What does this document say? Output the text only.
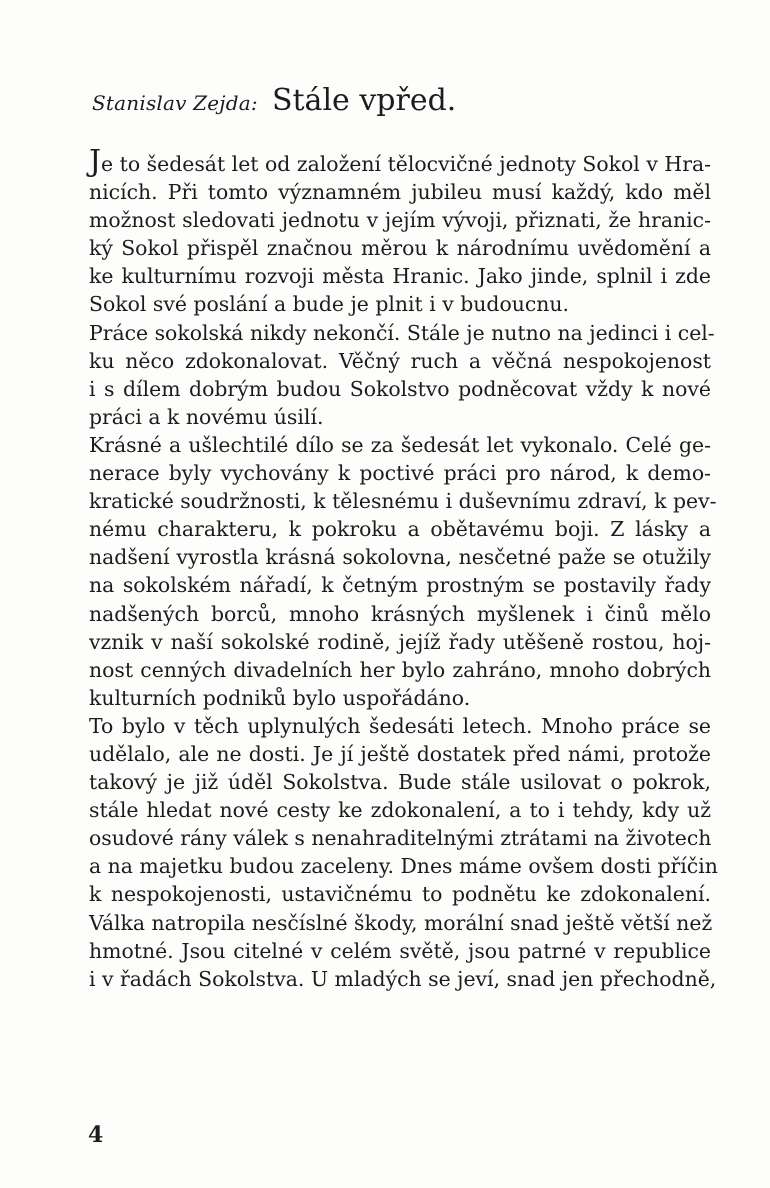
Stanislav Zejda: Stále vpřed.
Je to šedesát let od založení tělocvičné jednoty Sokol v Hra-
nicích. Při tomto významném jubileu musí každý, kdo měl
možnost sledovati jednotu v jejím vývoji, přiznati, že hranic-
ký Sokol přispěl značnou měrou k národnímu uvědomění a
ke kulturnímu rozvoji města Hranic. Jako jinde, splnil i zde
Sokol své poslání a bude je plnit i v budoucnu.
Práce sokolská nikdy nekončí. Stále je nutno na jedinci i cel-
ku něco zdokonalovat. Věčný ruch a věčná nespokojenost
i s dílem dobrým budou Sokolstvo podněcovat vždy k nové
práci a k novému úsilí.
Krásné a ušlechtilé dílo se za šedesát let vykonalo. Celé ge-
nerace byly vychovány k poctivé práci pro národ, k demo-
kratické soudržnosti, k tělesnému i duševnímu zdraví, k pev-
nému charakteru, k pokroku a obětavému boji. Z lásky a
nadšení vyrostla krásná sokolovna, nesčetné paže se otužily
na sokolském nářadí, k četným prostným se postavily řady
nadšených borců, mnoho krásných myšlenek i činů mělo
vznik v naší sokolské rodině, jejíž řady utěšeně rostou, hoj-
nost cenných divadelních her bylo zahráno, mnoho dobrých
kulturních podniků bylo uspořádáno.
To bylo v těch uplynulých šedesáti letech. Mnoho práce se
udělalo, ale ne dosti. Je jí ještě dostatek před námi, protože
takový je již úděl Sokolstva. Bude stále usilovat o pokrok,
stále hledat nové cesty ke zdokonalení, a to i tehdy, kdy už
osudové rány válek s nenahraditelnými ztrátami na životech
a na majetku budou zaceleny. Dnes máme ovšem dosti příčin
k nespokojenosti, ustavičnému to podnětu ke zdokonalení.
Válka natropila nesčíslné škody, morální snad ještě větší než
hmotné. Jsou citelné v celém světě, jsou patrné v republice
i v řadách Sokolstva. U mladých se jeví, snad jen přechodně,
4
